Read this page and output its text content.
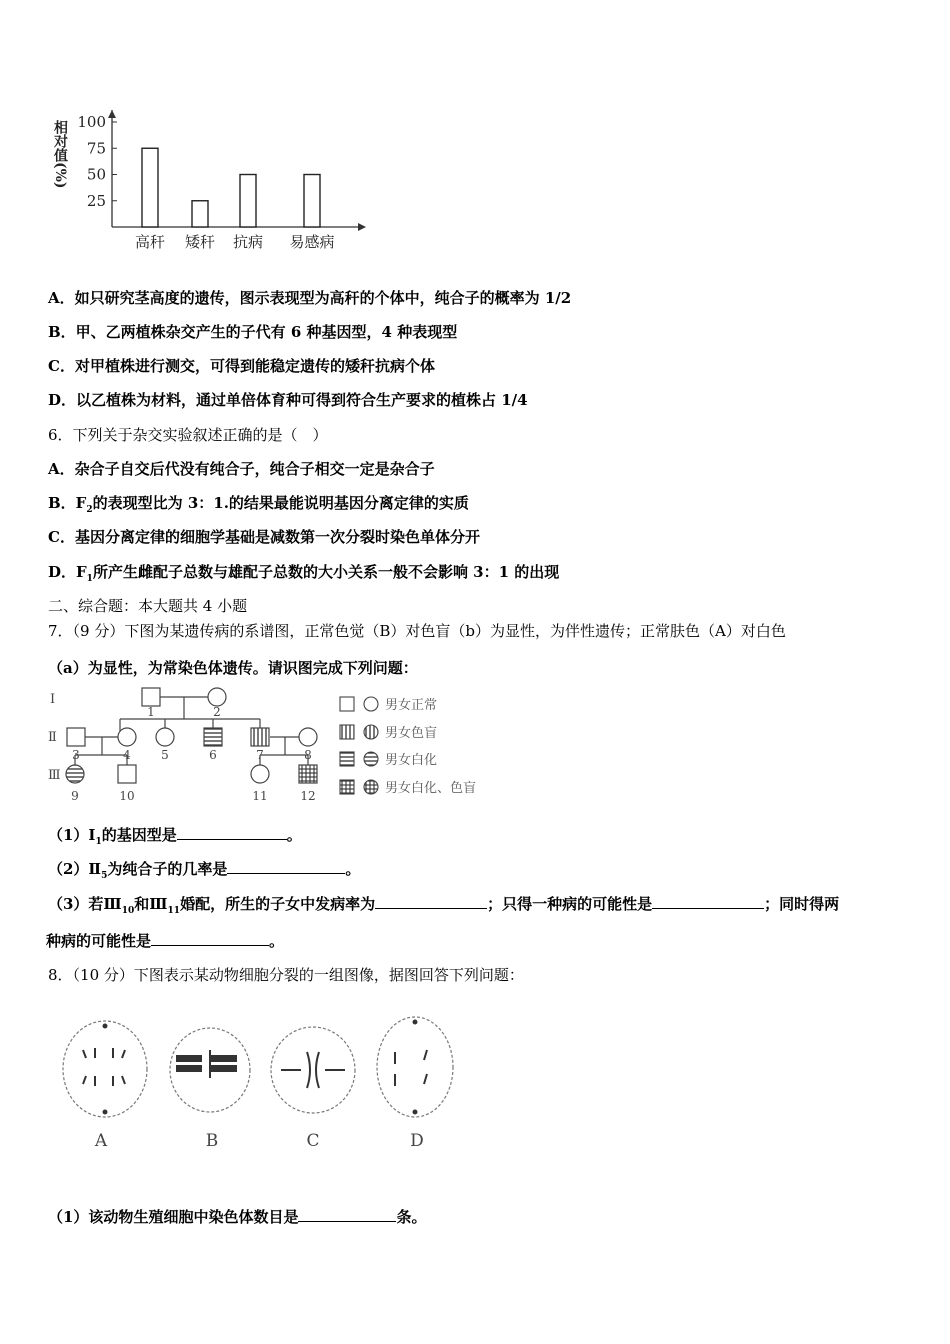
100
75
50
25
相对值(%)
高秆 矮秆 抗病 易感病
A．如只研究茎高度的遗传，图示表现型为高秆的个体中，纯合子的概率为 1/2
B．甲、乙两植株杂交产生的子代有 6 种基因型，4 种表现型
C．对甲植株进行测交，可得到能稳定遗传的矮秆抗病个体
D．以乙植株为材料，通过单倍体育种可得到符合生产要求的植株占 1/4
6．下列关于杂交实验叙述正确的是（　）
A．杂合子自交后代没有纯合子，纯合子相交一定是杂合子
B．$F_2$的表现型比为 3：1.的结果最能说明基因分离定律的实质
C．基因分离定律的细胞学基础是减数第一次分裂时染色单体分开
D．$F_1$所产生雌配子总数与雄配子总数的大小关系一般不会影响 3：1 的出现
二、综合题：本大题共 4 小题
7．（9 分）下图为某遗传病的系谱图，正常色觉（B）对色盲（b）为显性，为伴性遗传；正常肤色（A）对白色
（a）为显性，为常染色体遗传。请识图完成下列问题：
Ⅰ
Ⅱ
Ⅲ
1	2
3	4	5	6	7	8
9	10	11	12
男女正常
男女色盲
男女白化
男女白化、色盲
$(1)Ⅰ_1$的基因型是	。
$(2)Ⅱ_5$为纯合子的几率是	。
（3）若$Ⅲ_{10}$和$Ⅲ_{11}$婚配，所生的子女中发病率为	；只得一种病的可能性是	；同时得两
种病的可能性是	。
8．（10 分）下图表示某动物细胞分裂的一组图像，据图回答下列问题：
A	B	C	D
（1）该动物生殖细胞中染色体数目是	条。
